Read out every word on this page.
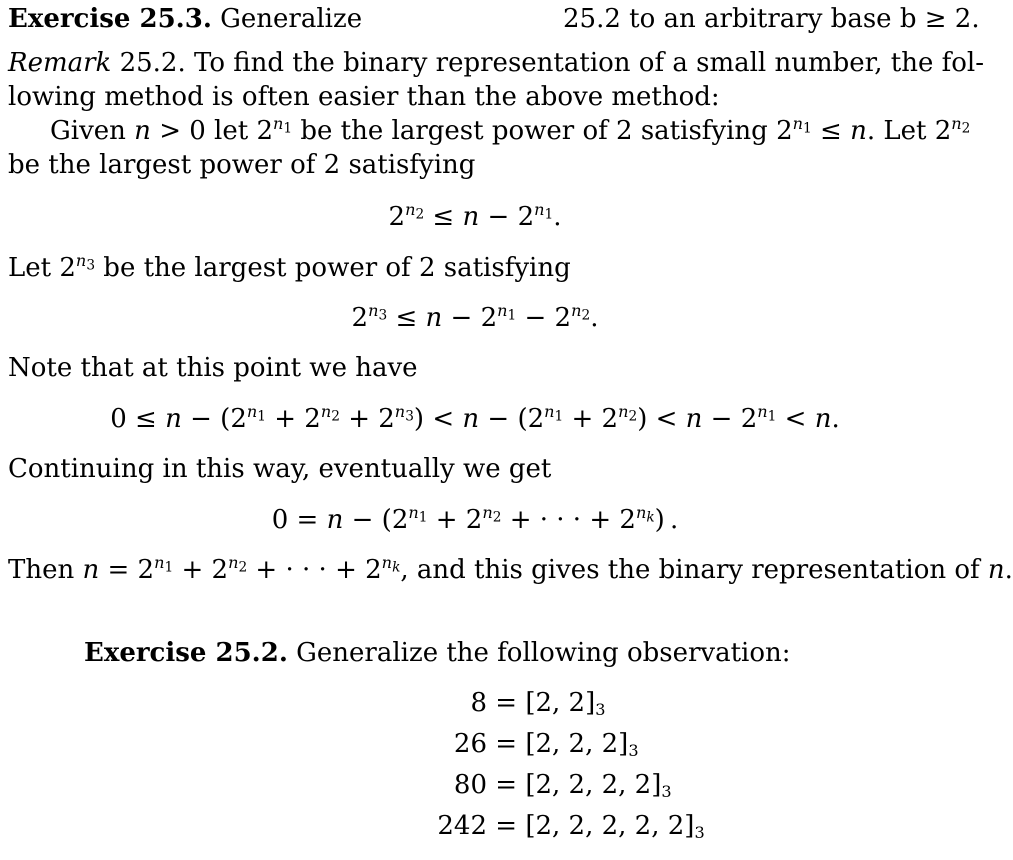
Exercise 25.3. Generalize	25.2 to an arbitrary base b ≥ 2.
Remark 25.2. To find the binary representation of a small number, the fol-
lowing method is often easier than the above method:
Given n > 0 let $2^{n_1}$ be the largest power of 2 satisfying $2^{n_1} \le n$. Let $2^{n_2}$
be the largest power of 2 satisfying
$2^{n_2} \le n - 2^{n_1}$.
Let $2^{n_3}$ be the largest power of 2 satisfying
$2^{n_3} \le n - 2^{n_1} - 2^{n_2}$.
Note that at this point we have
$0 \le n - (2^{n_1} + 2^{n_2} + 2^{n_3}) < n - (2^{n_1} + 2^{n_2}) < n - 2^{n_1} < n$.
Continuing in this way, eventually we get
$0 = n - (2^{n_1} + 2^{n_2}$ + · · · + $2^{n_k}$) .
Then $n = 2^{n_1} + 2^{n_2}$ + · · · + $2^{n_k}$, and this gives the binary representation of n.
Exercise 25.2. Generalize the following observation:
8 = [2, $2]_3$
26 = [2, 2, $2]_3$
80 = [2, 2, 2, $2]_3$
242 = [2, 2, 2, 2, $2]_3$
